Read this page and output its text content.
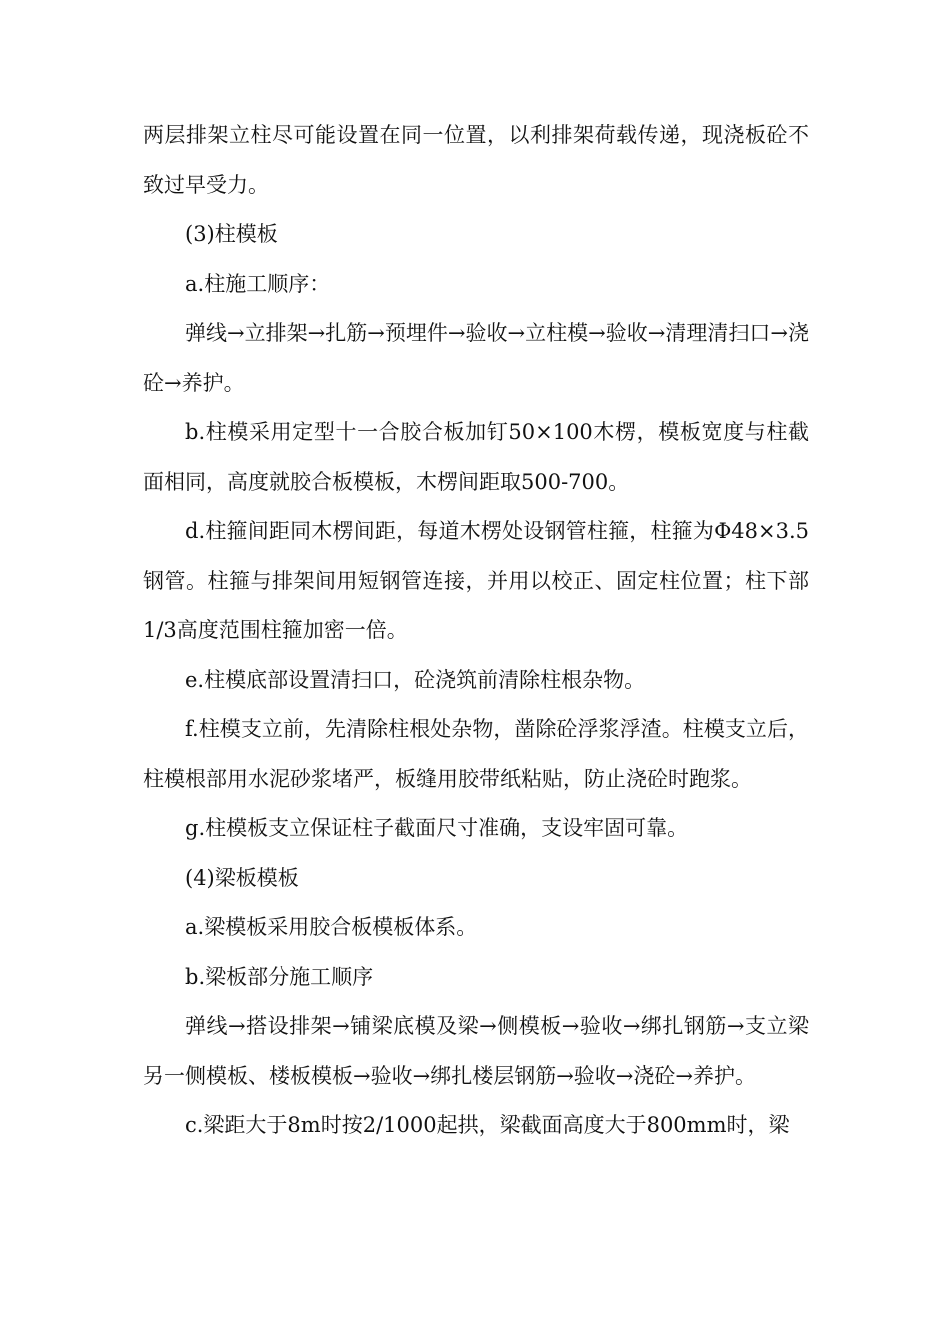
两层排架立柱尽可能设置在同一位置，以利排架荷载传递，现浇板砼不致过早受力。

(3)柱模板

a.柱施工顺序：

弹线→立排架→扎筋→预埋件→验收→立柱模→验收→清理清扫口→浇砼→养护。

b.柱模采用定型十一合胶合板加钉50×100木楞，模板宽度与柱截面相同，高度就胶合板模板，木楞间距取500-700。

d.柱箍间距同木楞间距，每道木楞处设钢管柱箍，柱箍为Φ48×3.5钢管。柱箍与排架间用短钢管连接，并用以校正、固定柱位置；柱下部1/3高度范围柱箍加密一倍。

e.柱模底部设置清扫口，砼浇筑前清除柱根杂物。

f.柱模支立前，先清除柱根处杂物，凿除砼浮浆浮渣。柱模支立后，柱模根部用水泥砂浆堵严，板缝用胶带纸粘贴，防止浇砼时跑浆。

g.柱模板支立保证柱子截面尺寸准确，支设牢固可靠。

(4)梁板模板

a.梁模板采用胶合板模板体系。

b.梁板部分施工顺序

弹线→搭设排架→铺梁底模及梁→侧模板→验收→绑扎钢筋→支立梁另一侧模板、楼板模板→验收→绑扎楼层钢筋→验收→浇砼→养护。

c.梁距大于8m时按2/1000起拱，梁截面高度大于800mm时，梁
